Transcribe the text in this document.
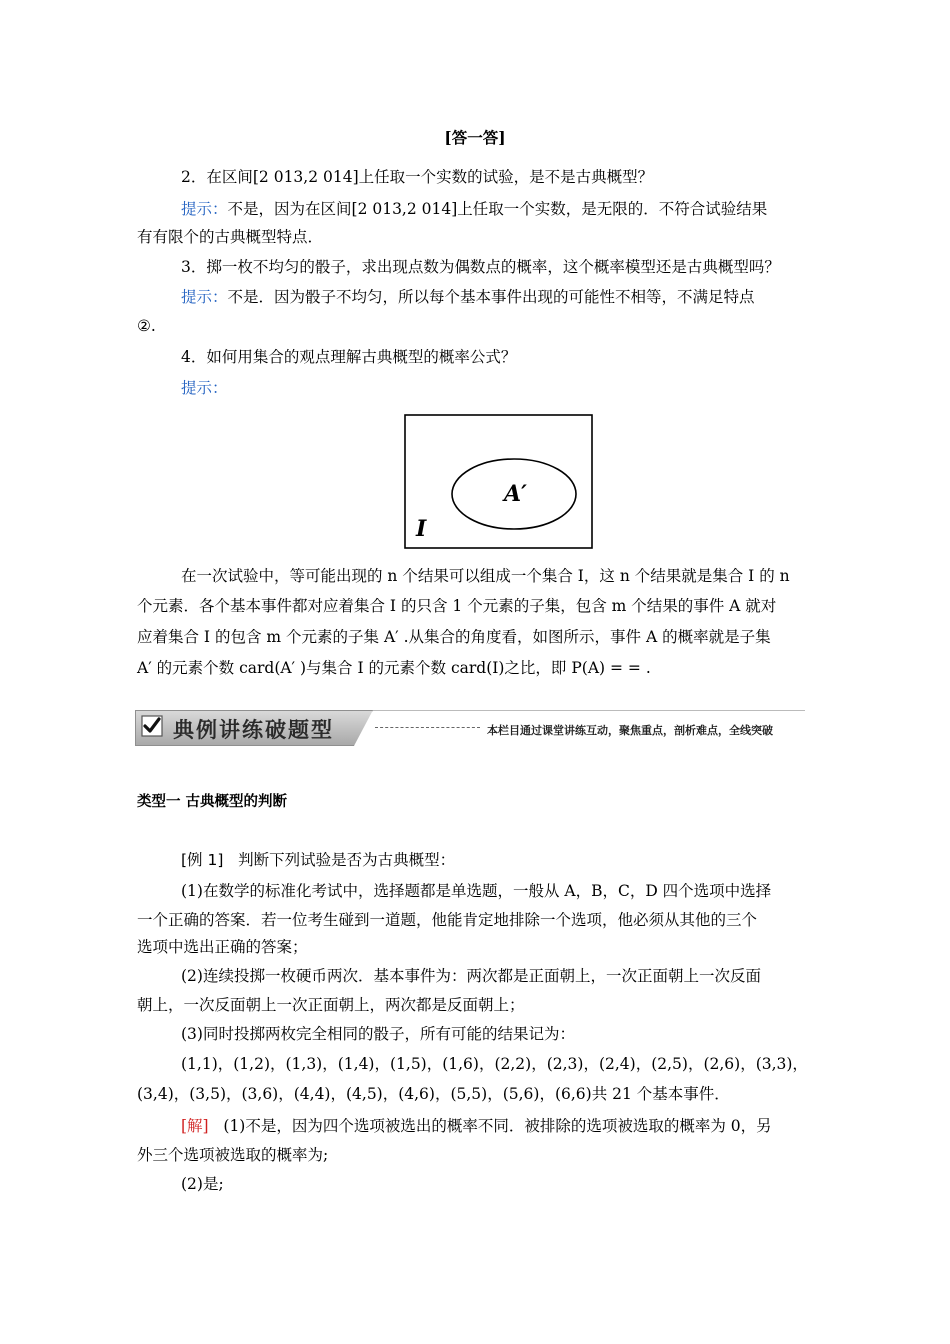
[答一答]
2．在区间[2 013,2 014]上任取一个实数的试验，是不是古典概型？
提示：不是，因为在区间[2 013,2 014]上任取一个实数，是无限的．不符合试验结果
有有限个的古典概型特点．
3．掷一枚不均匀的骰子，求出现点数为偶数点的概率，这个概率模型还是古典概型吗？
提示：不是．因为骰子不均匀，所以每个基本事件出现的可能性不相等，不满足特点
②.
4．如何用集合的观点理解古典概型的概率公式？
提示：
A′
I
在一次试验中，等可能出现的 n 个结果可以组成一个集合 I，这 n 个结果就是集合 I 的 n
个元素．各个基本事件都对应着集合 I 的只含 1 个元素的子集，包含 m 个结果的事件 A 就对
应着集合 I 的包含 m 个元素的子集 A′ .从集合的角度看，如图所示，事件 A 的概率就是子集
A′ 的元素个数 card(A′ )与集合 I 的元素个数 card(I)之比，即 P(A) = = .
典例讲练破题型	本栏目通过课堂讲练互动，聚焦重点，剖析难点，全线突破
类型一 古典概型的判断
[例 1] 判断下列试验是否为古典概型：
(1)在数学的标准化考试中，选择题都是单选题，一般从 A，B，C，D 四个选项中选择
一个正确的答案．若一位考生碰到一道题，他能肯定地排除一个选项，他必须从其他的三个
选项中选出正确的答案；
(2)连续投掷一枚硬币两次．基本事件为：两次都是正面朝上，一次正面朝上一次反面
朝上，一次反面朝上一次正面朝上，两次都是反面朝上；
(3)同时投掷两枚完全相同的骰子，所有可能的结果记为：
(1,1)，(1,2)，(1,3)，(1,4)，(1,5)，(1,6)，(2,2)，(2,3)，(2,4)，(2,5)，(2,6)，(3,3)，
(3,4)，(3,5)，(3,6)，(4,4)，(4,5)，(4,6)，(5,5)，(5,6)，(6,6)共 21 个基本事件．
[解] (1)不是，因为四个选项被选出的概率不同．被排除的选项被选取的概率为 0，另
外三个选项被选取的概率为;
(2)是;
